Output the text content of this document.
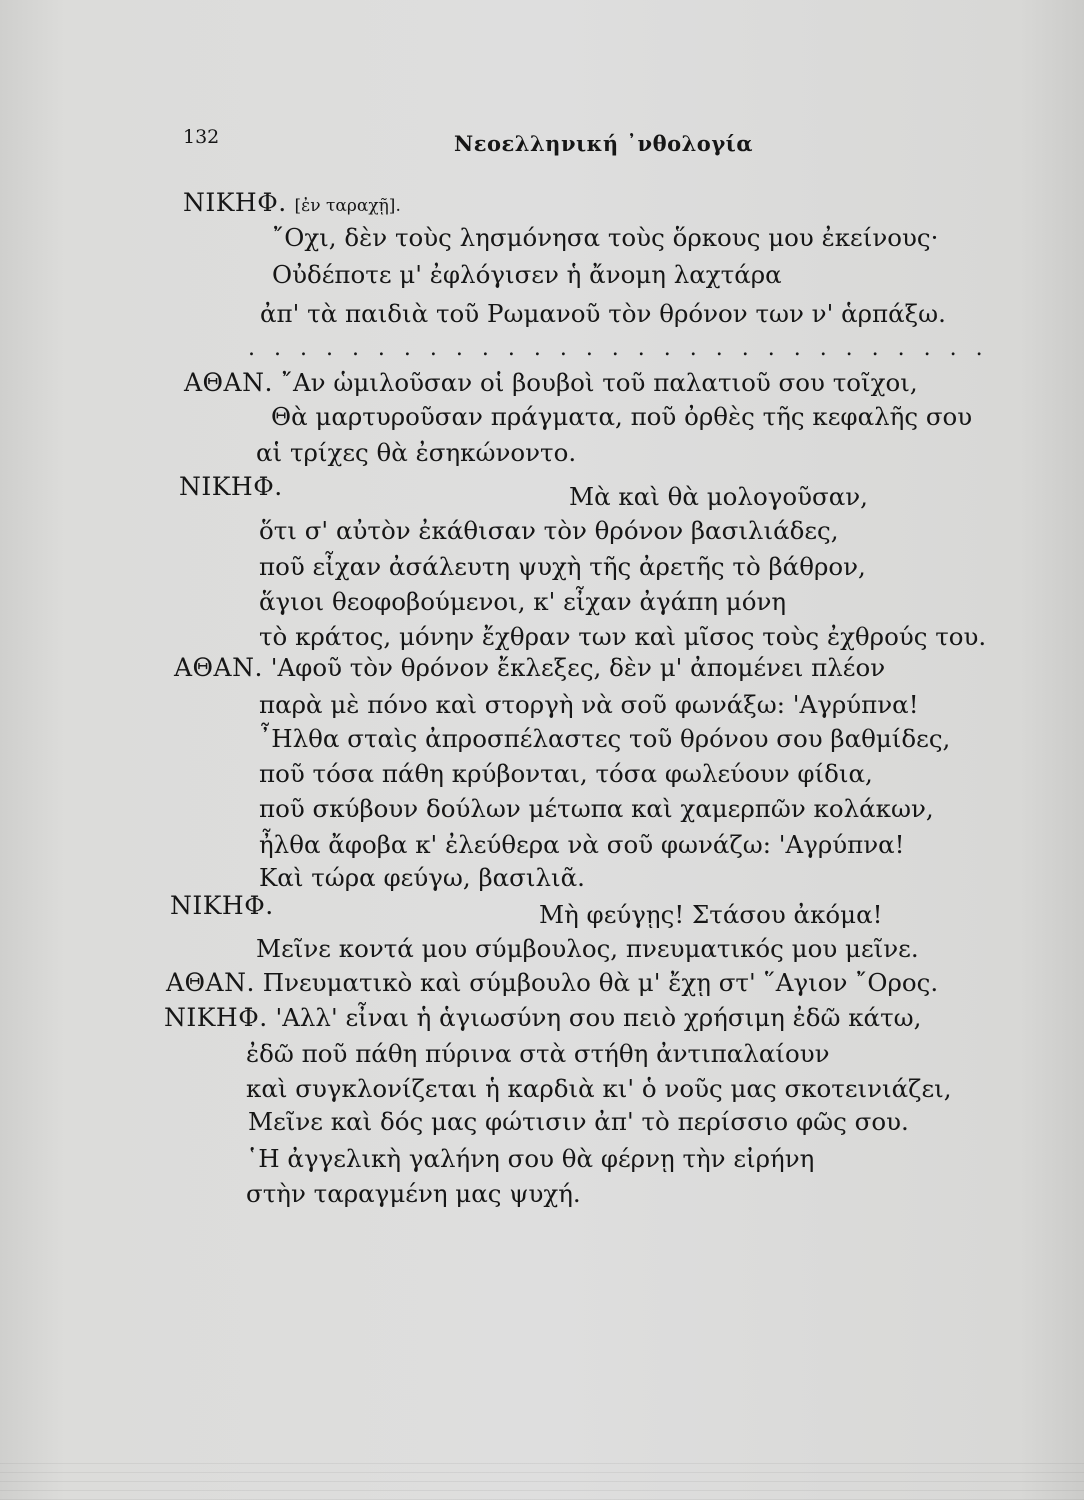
132	Νεοελληνική ᾿νθολογία
ΝΙΚΗΦ. [ἐν ταραχῇ].
῎Οχι, δὲν τοὺς λησμόνησα τοὺς ὅρκους μου ἐκείνους·
Οὐδέποτε μ' ἐφλόγισεν ἡ ἄνομη λαχτάρα
ἀπ' τὰ παιδιὰ τοῦ Ρωμανοῦ τὸν θρόνον των ν' ἁρπάξω.
. . . . . . . . . . . . . . . . . . . . . . . . . . . . .
ΑΘΑΝ. ῎Αν ὡμιλοῦσαν οἱ βουβοὶ τοῦ παλατιοῦ σου τοῖχοι,
Θὰ μαρτυροῦσαν πράγματα, ποῦ ὀρθὲς τῆς κεφαλῆς σου
αἱ τρίχες θὰ ἐσηκώνοντο.
ΝΙΚΗΦ.	Μὰ καὶ θὰ μολογοῦσαν,
ὅτι σ' αὐτὸν ἐκάθισαν τὸν θρόνον βασιλιάδες,
ποῦ εἶχαν ἀσάλευτη ψυχὴ τῆς ἀρετῆς τὸ βάθρον,
ἅγιοι θεοφοβούμενοι, κ' εἶχαν ἀγάπη μόνη
τὸ κράτος, μόνην ἔχθραν των καὶ μῖσος τοὺς ἐχθρούς του.
ΑΘΑΝ. 'Αφοῦ τὸν θρόνον ἔκλεξες, δὲν μ' ἀπομένει πλέον
παρὰ μὲ πόνο καὶ στοργὴ νὰ σοῦ φωνάξω: 'Αγρύπνα!
῏Ηλθα σταὶς ἀπροσπέλαστες τοῦ θρόνου σου βαθμίδες,
ποῦ τόσα πάθη κρύβονται, τόσα φωλεύουν φίδια,
ποῦ σκύβουν δούλων μέτωπα καὶ χαμερπῶν κολάκων,
ἦλθα ἄφοβα κ' ἐλεύθερα νὰ σοῦ φωνάζω: 'Αγρύπνα!
Καὶ τώρα φεύγω, βασιλιᾶ.
ΝΙΚΗΦ.	Μὴ φεύγῃς! Στάσου ἀκόμα!
Μεῖνε κοντά μου σύμβουλος, πνευματικός μου μεῖνε.
ΑΘΑΝ. Πνευματικὸ καὶ σύμβουλο θὰ μ' ἔχῃ στ' ῞Αγιον ῎Ορος.
ΝΙΚΗΦ. 'Αλλ' εἶναι ἡ ἁγιωσύνη σου πειὸ χρήσιμη ἐδῶ κάτω,
ἐδῶ ποῦ πάθη πύρινα στὰ στήθη ἀντιπαλαίουν
καὶ συγκλονίζεται ἡ καρδιὰ κι' ὁ νοῦς μας σκοτεινιάζει,
Μεῖνε καὶ δός μας φώτισιν ἀπ' τὸ περίσσιο φῶς σου.
῾Η ἀγγελικὴ γαλήνη σου θὰ φέρνῃ τὴν εἰρήνη
στὴν ταραγμένη μας ψυχή.
